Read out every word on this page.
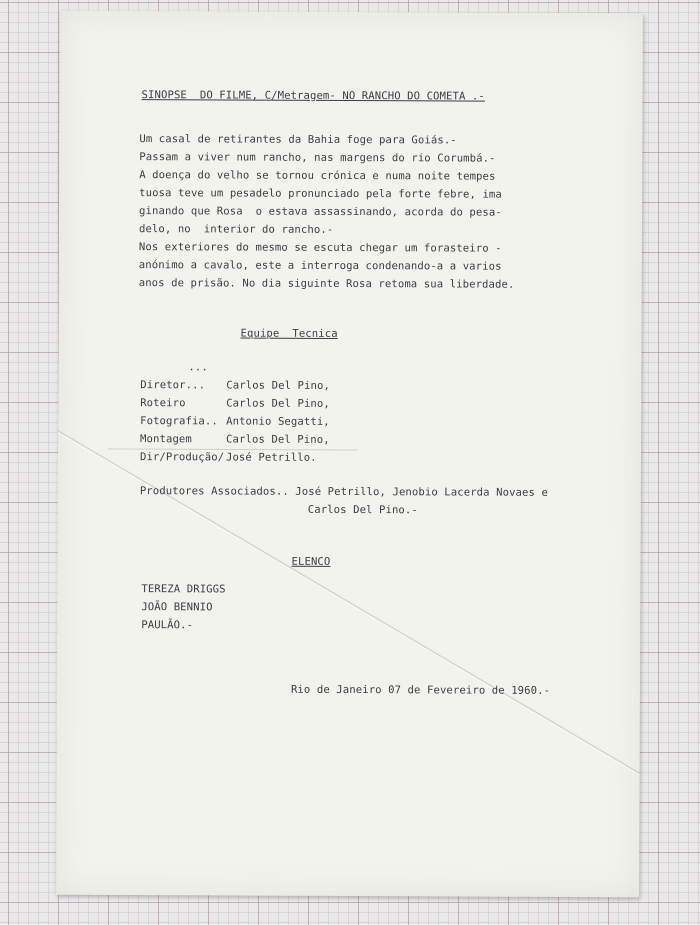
SINOPSE  DO FILME, C/Metragem- NO RANCHO DO COMETA .-
Um casal de retirantes da Bahia foge para Goiás.-
Passam a viver num rancho, nas margens do rio Corumbá.-
A doença do velho se tornou crónica e numa noite tempes
tuosa teve um pesadelo pronunciado pela forte febre, ima
ginando que Rosa  o estava assassinando, acorda do pesa-
delo, no  interior do rancho.-
Nos exteriores do mesmo se escuta chegar um forasteiro -
anónimo a cavalo, este a interroga condenando-a a varios
anos de prisão. No dia siguinte Rosa retoma sua liberdade.
Equipe  Tecnica
...
Diretor... Carlos Del Pino,
Roteiro	Carlos Del Pino,
Fotografia.. Antonio Segatti,
Montagem	Carlos Del Pino,
Dir/Produção/ José Petrillo.
Produtores Associados.. José Petrillo, Jenobio Lacerda Novaes e
Carlos Del Pino.-
ELENCO
TEREZA DRIGGS
JOÃO BENNIO
PAULÃO.-
Rio de Janeiro 07 de Fevereiro de 1960.-
